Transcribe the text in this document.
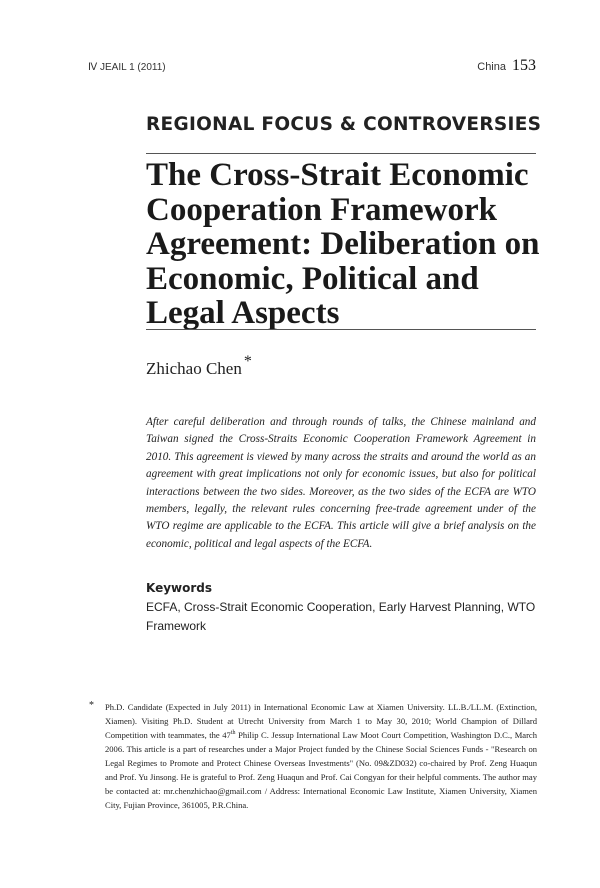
Ⅳ JEAIL 1 (2011)	China 153
REGIONAL FOCUS & CONTROVERSIES
The Cross-Strait Economic Cooperation Framework Agreement: Deliberation on Economic, Political and Legal Aspects
Zhichao Chen *

After careful deliberation and through rounds of talks, the Chinese mainland and Taiwan signed the Cross-Straits Economic Cooperation Framework Agreement in 2010. This agreement is viewed by many across the straits and around the world as an agreement with great implications not only for economic issues, but also for political interactions between the two sides. Moreover, as the two sides of the ECFA are WTO members, legally, the relevant rules concerning free-trade agreement under of the WTO regime are applicable to the ECFA. This article will give a brief analysis on the economic, political and legal aspects of the ECFA.

Keywords
ECFA, Cross-Strait Economic Cooperation, Early Harvest Planning, WTO Framework
* Ph.D. Candidate (Expected in July 2011) in International Economic Law at Xiamen University. LL.B./LL.M. (Extinction, Xiamen). Visiting Ph.D. Student at Utrecht University from March 1 to May 30, 2010; World Champion of Dillard Competition with teammates, the 47th Philip C. Jessup International Law Moot Court Competition, Washington D.C., March 2006. This article is a part of researches under a Major Project funded by the Chinese Social Sciences Funds - "Research on Legal Regimes to Promote and Protect Chinese Overseas Investments" (No. 09&ZD032) co-chaired by Prof. Zeng Huaqun and Prof. Yu Jinsong. He is grateful to Prof. Zeng Huaqun and Prof. Cai Congyan for their helpful comments. The author may be contacted at: mr.chenzhichao@gmail.com / Address: International Economic Law Institute, Xiamen University, Xiamen City, Fujian Province, 361005, P.R.China.
